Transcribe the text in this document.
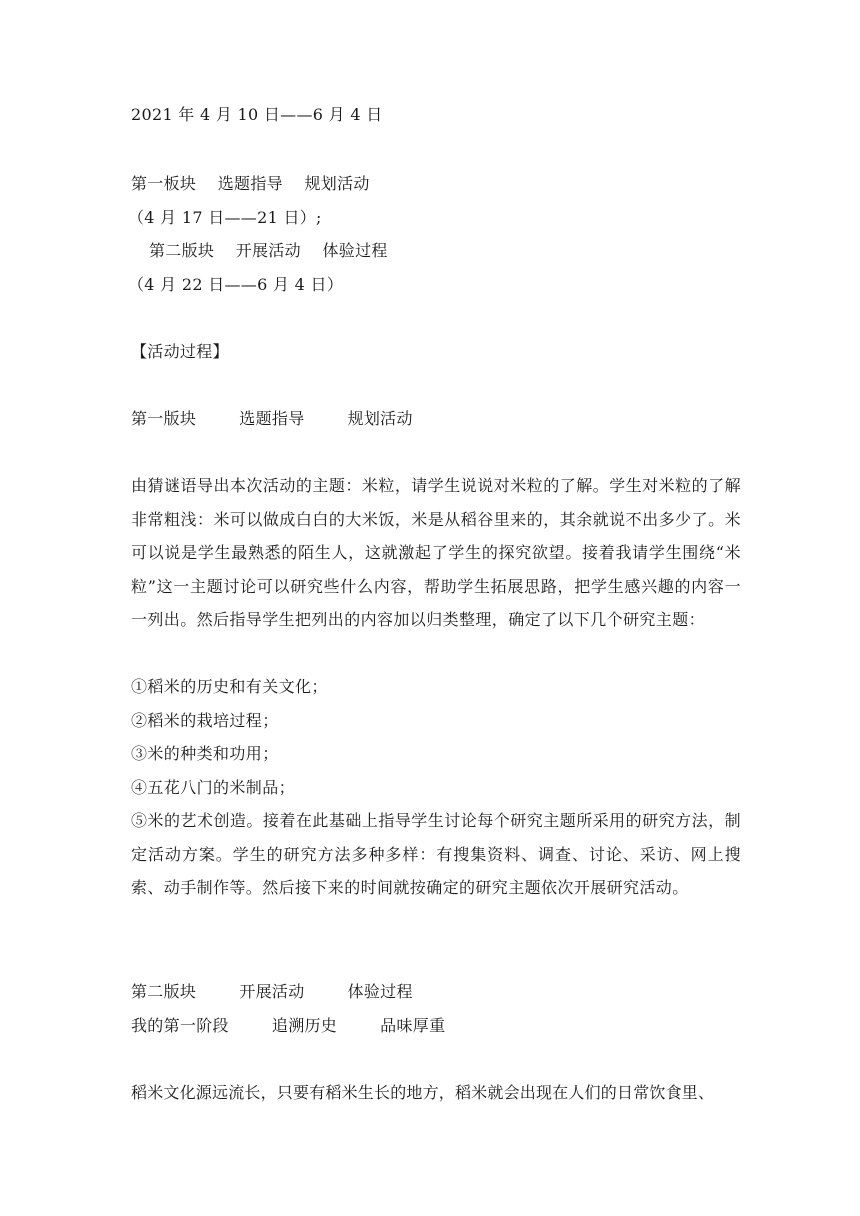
2021 年 4 月 10 日——6 月 4 日
第一板块    选题指导    规划活动
（4 月 17 日——21 日）;
第二版块    开展活动    体验过程
（4 月 22 日——6 月 4 日）
【活动过程】
第一版块        选题指导        规划活动

由猜谜语导出本次活动的主题：米粒，请学生说说对米粒的了解。学生对米粒的了解非常粗浅：米可以做成白白的大米饭，米是从稻谷里来的，其余就说不出多少了。米可以说是学生最熟悉的陌生人，这就激起了学生的探究欲望。接着我请学生围绕“米粒”这一主题讨论可以研究些什么内容，帮助学生拓展思路，把学生感兴趣的内容一一列出。然后指导学生把列出的内容加以归类整理，确定了以下几个研究主题：

①稻米的历史和有关文化；
②稻米的栽培过程；
③米的种类和功用；
④五花八门的米制品；
⑤米的艺术创造。接着在此基础上指导学生讨论每个研究主题所采用的研究方法，制定活动方案。学生的研究方法多种多样：有搜集资料、调查、讨论、采访、网上搜索、动手制作等。然后接下来的时间就按确定的研究主题依次开展研究活动。
第二版块        开展活动        体验过程
我的第一阶段        追溯历史        品味厚重

稻米文化源远流长，只要有稻米生长的地方，稻米就会出现在人们的日常饮食里、
